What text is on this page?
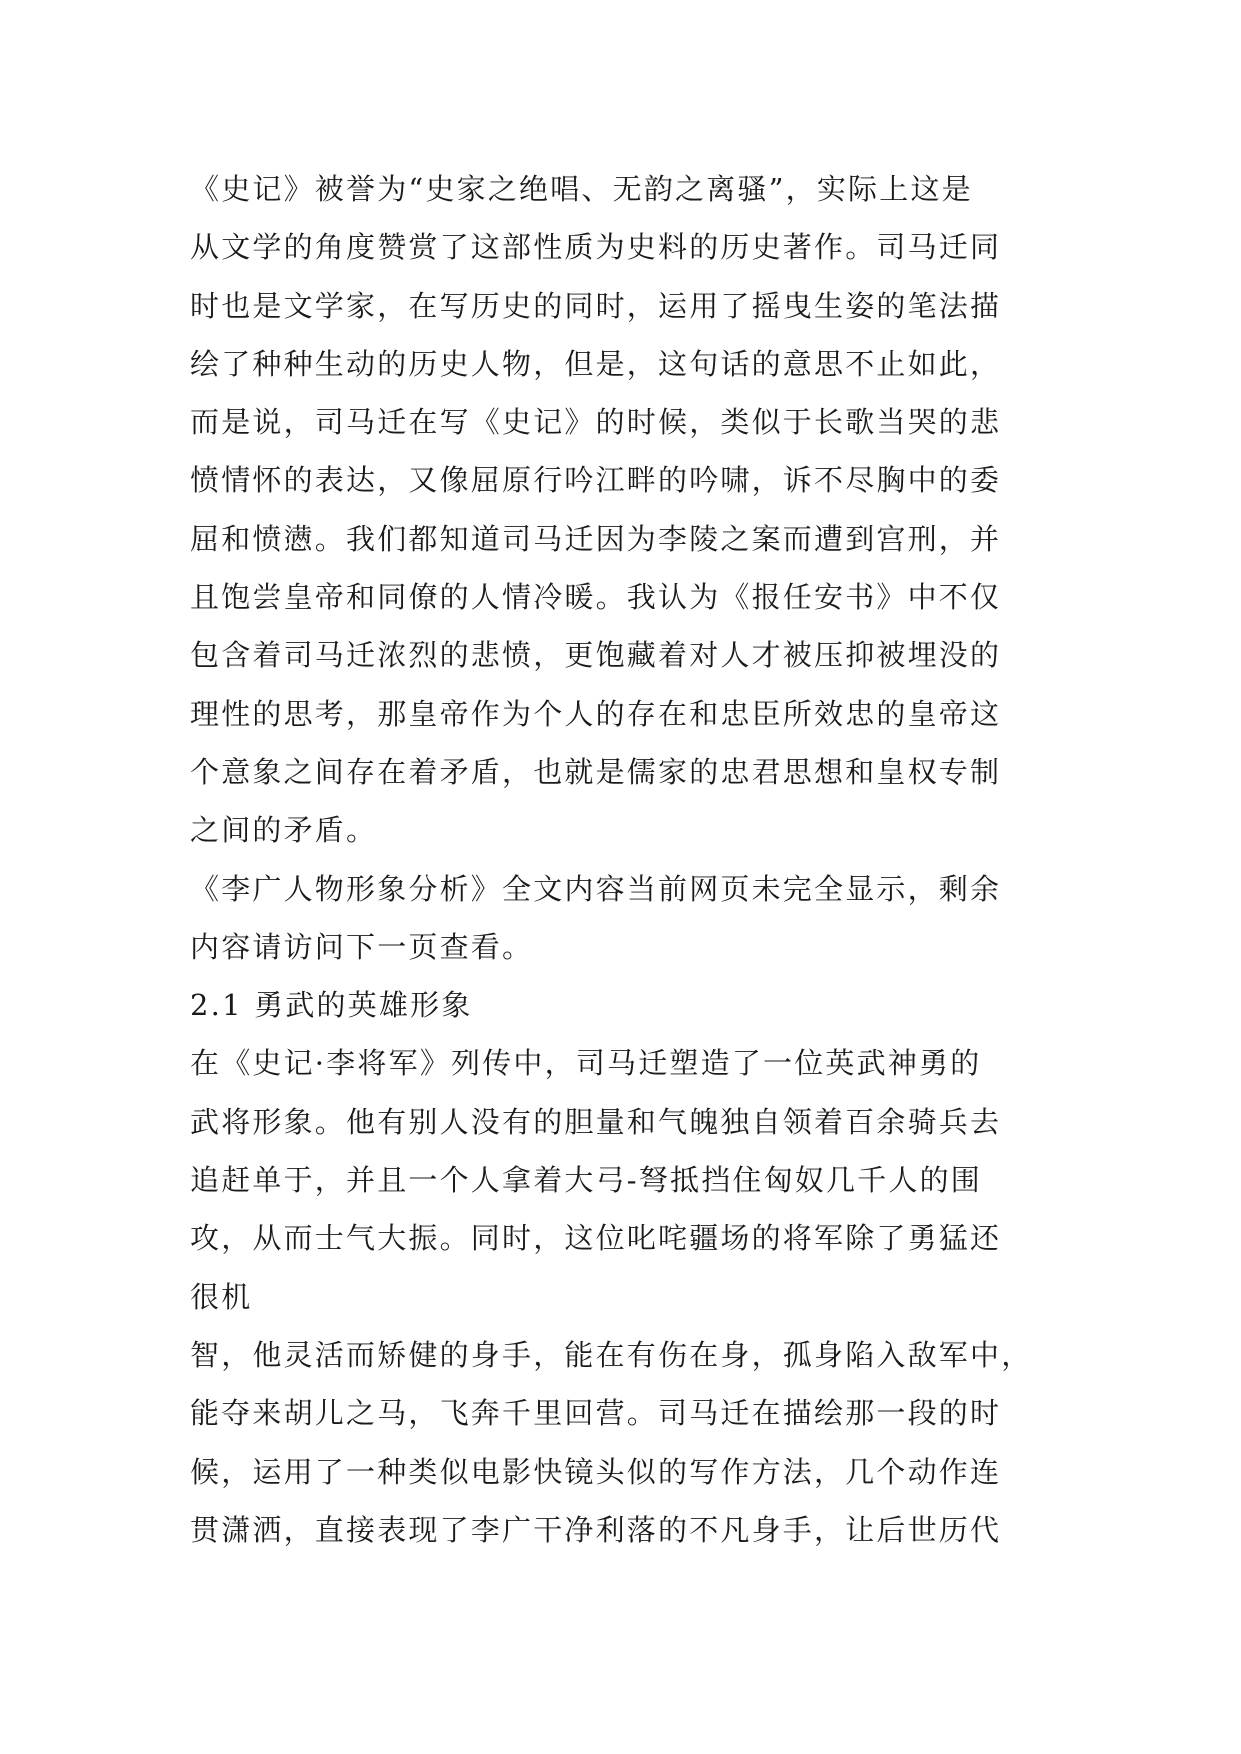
《史记》被誉为“史家之绝唱、无韵之离骚”，实际上这是
从文学的角度赞赏了这部性质为史料的历史著作。司马迁同
时也是文学家，在写历史的同时，运用了摇曳生姿的笔法描
绘了种种生动的历史人物，但是，这句话的意思不止如此，
而是说，司马迁在写《史记》的时候，类似于长歌当哭的悲
愤情怀的表达，又像屈原行吟江畔的吟啸，诉不尽胸中的委
屈和愤懑。我们都知道司马迁因为李陵之案而遭到宫刑，并
且饱尝皇帝和同僚的人情冷暖。我认为《报任安书》中不仅
包含着司马迁浓烈的悲愤，更饱藏着对人才被压抑被埋没的
理性的思考，那皇帝作为个人的存在和忠臣所效忠的皇帝这
个意象之间存在着矛盾，也就是儒家的忠君思想和皇权专制
之间的矛盾。
《李广人物形象分析》全文内容当前网页未完全显示，剩余
内容请访问下一页查看。
2.1 勇武的英雄形象
在《史记·李将军》列传中，司马迁塑造了一位英武神勇的
武将形象。他有别人没有的胆量和气魄独自领着百余骑兵去
追赶单于，并且一个人拿着大弓-弩抵挡住匈奴几千人的围
攻，从而士气大振。同时，这位叱咤疆场的将军除了勇猛还
很机
智，他灵活而矫健的身手，能在有伤在身，孤身陷入敌军中，
能夺来胡儿之马，飞奔千里回营。司马迁在描绘那一段的时
候，运用了一种类似电影快镜头似的写作方法，几个动作连
贯潇洒，直接表现了李广干净利落的不凡身手，让后世历代
